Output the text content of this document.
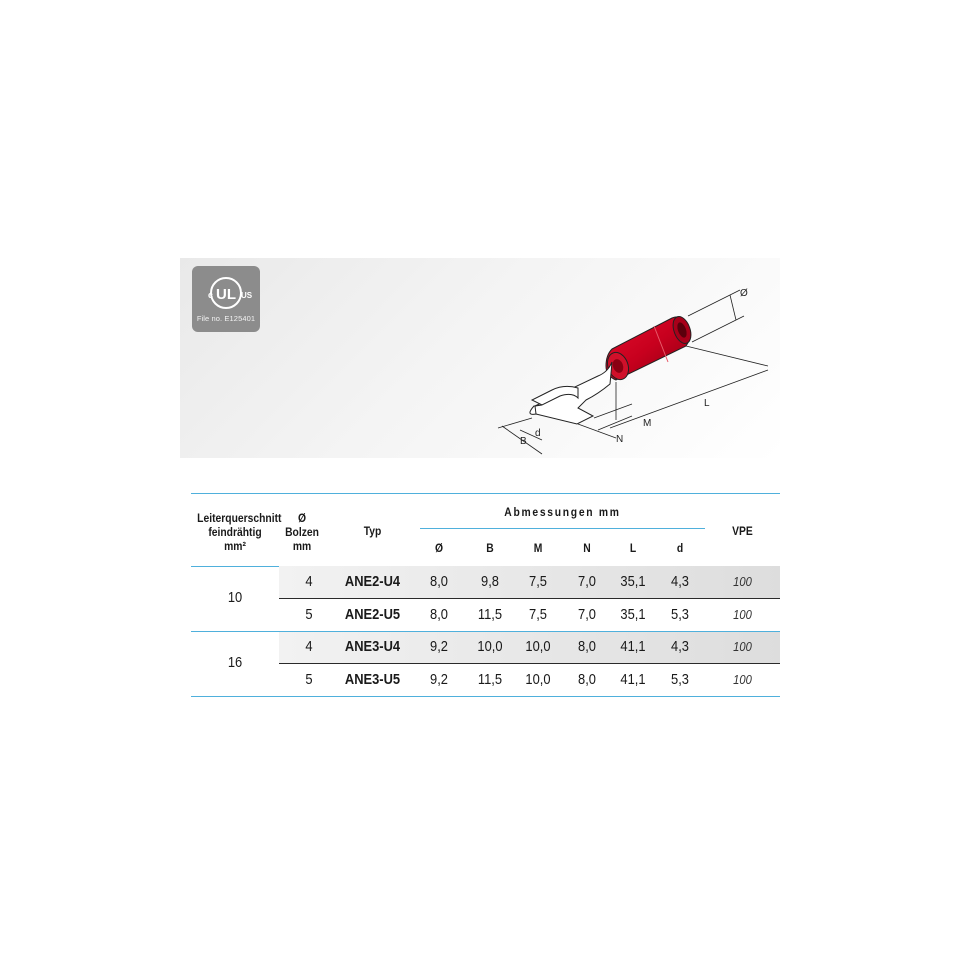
c UL US
File no. E125401
Ø
L
M
N
B
d
Leiterquerschnitt
feindrähtig
mm²
Ø
Bolzen
mm
Typ
Abmessungen mm
Ø	B	M	N	L	d
VPE
10
4	ANE2-U4	8,0	9,8	7,5	7,0	35,1	4,3	100
5	ANE2-U5	8,0	11,5	7,5	7,0	35,1	5,3	100
16
4	ANE3-U4	9,2	10,0	10,0	8,0	41,1	4,3	100
5	ANE3-U5	9,2	11,5	10,0	8,0	41,1	5,3	100
